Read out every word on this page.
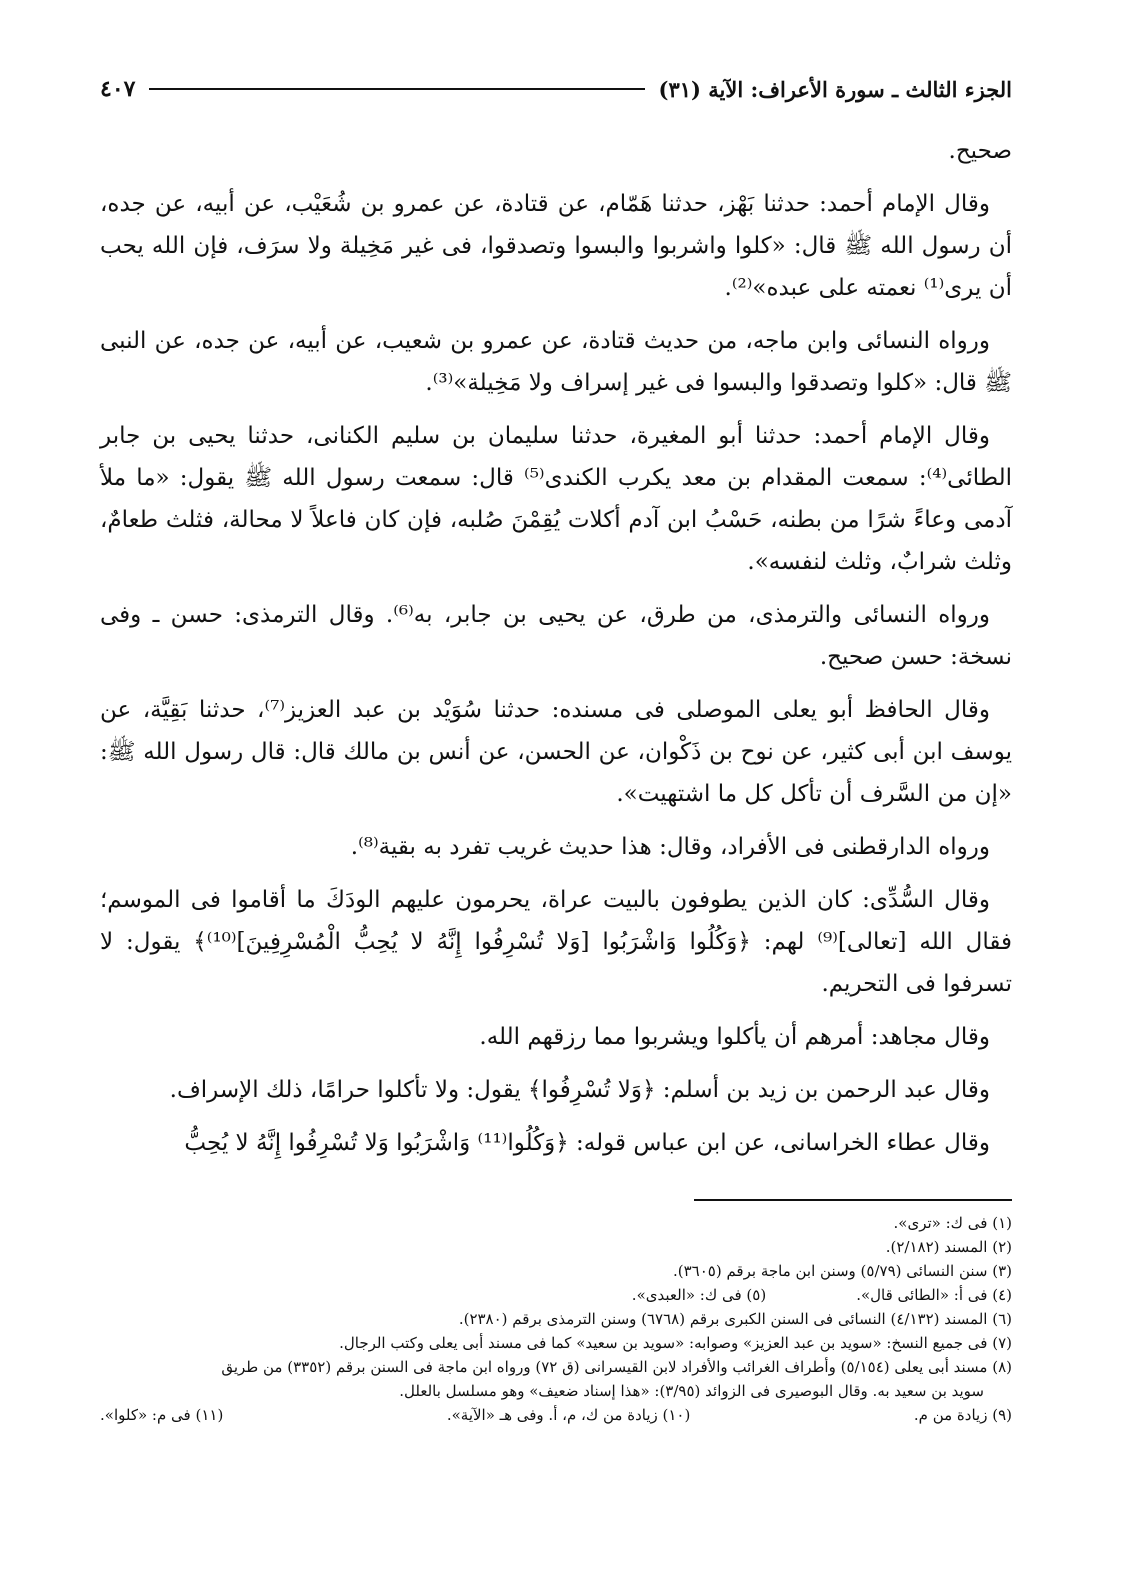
الجزء الثالث ـ سورة الأعراف: الآية (٣١)
٤٠٧

صحيح.

وقال الإمام أحمد: حدثنا بَهْز، حدثنا هَمّام، عن قتادة، عن عمرو بن شُعَيْب، عن أبيه، عن جده، أن رسول الله ﷺ قال: «كلوا واشربوا والبسوا وتصدقوا، فى غير مَخِيلة ولا سرَف، فإن الله يحب أن يرى⁽¹⁾ نعمته على عبده»⁽²⁾.

ورواه النسائى وابن ماجه، من حديث قتادة، عن عمرو بن شعيب، عن أبيه، عن جده، عن النبى ﷺ قال: «كلوا وتصدقوا والبسوا فى غير إسراف ولا مَخِيلة»⁽³⁾.

وقال الإمام أحمد: حدثنا أبو المغيرة، حدثنا سليمان بن سليم الكنانى، حدثنا يحيى بن جابر الطائى⁽⁴⁾: سمعت المقدام بن معد يكرب الكندى⁽⁵⁾ قال: سمعت رسول الله ﷺ يقول: «ما ملأ آدمى وعاءً شرًا من بطنه، حَسْبُ ابن آدم أكلات يُقِمْنَ صُلبه، فإن كان فاعلاً لا محالة، فثلث طعامٌ، وثلث شرابٌ، وثلث لنفسه».

ورواه النسائى والترمذى، من طرق، عن يحيى بن جابر، به⁽⁶⁾. وقال الترمذى: حسن ـ وفى نسخة: حسن صحيح.

وقال الحافظ أبو يعلى الموصلى فى مسنده: حدثنا سُوَيْد بن عبد العزيز⁽⁷⁾، حدثنا بَقِيَّة، عن يوسف ابن أبى كثير، عن نوح بن ذَكْوان، عن الحسن، عن أنس بن مالك قال: قال رسول الله ﷺ: «إن من السَّرف أن تأكل كل ما اشتهيت».

ورواه الدارقطنى فى الأفراد، وقال: هذا حديث غريب تفرد به بقية⁽⁸⁾.

وقال السُّدِّى: كان الذين يطوفون بالبيت عراة، يحرمون عليهم الودَكَ ما أقاموا فى الموسم؛ فقال الله [تعالى]⁽⁹⁾ لهم: ﴿وَكُلُوا وَاشْرَبُوا [وَلا تُسْرِفُوا إِنَّهُ لا يُحِبُّ الْمُسْرِفِينَ]⁽¹⁰⁾﴾ يقول: لا تسرفوا فى التحريم.

وقال مجاهد: أمرهم أن يأكلوا ويشربوا مما رزقهم الله.

وقال عبد الرحمن بن زيد بن أسلم: ﴿وَلا تُسْرِفُوا﴾ يقول: ولا تأكلوا حرامًا، ذلك الإسراف.

وقال عطاء الخراسانى، عن ابن عباس قوله: ﴿وَكُلُوا⁽¹¹⁾ وَاشْرَبُوا وَلا تُسْرِفُوا إِنَّهُ لا يُحِبُّ

(١) فى ك: «ترى».

(٢) المسند (٢/١٨٢).

(٣) سنن النسائى (٥/٧٩) وسنن ابن ماجة برقم (٣٦٠٥).

(٤) فى أ: «الطائى قال».

(٥) فى ك: «العبدى».

(٦) المسند (٤/١٣٢) النسائى فى السنن الكبرى برقم (٦٧٦٨) وسنن الترمذى برقم (٢٣٨٠).

(٧) فى جميع النسخ: «سويد بن عبد العزيز» وصوابه: «سويد بن سعيد» كما فى مسند أبى يعلى وكتب الرجال.

(٨) مسند أبى يعلى (٥/١٥٤) وأطراف الغرائب والأفراد لابن القيسرانى (ق ٧٢) ورواه ابن ماجة فى السنن برقم (٣٣٥٢) من طريق

سويد بن سعيد به. وقال البوصيرى فى الزوائد (٣/٩٥): «هذا إسناد ضعيف» وهو مسلسل بالعلل.

(٩) زيادة من م.

(١٠) زيادة من ك، م، أ. وفى هـ «الآية».

(١١) فى م: «كلوا».
